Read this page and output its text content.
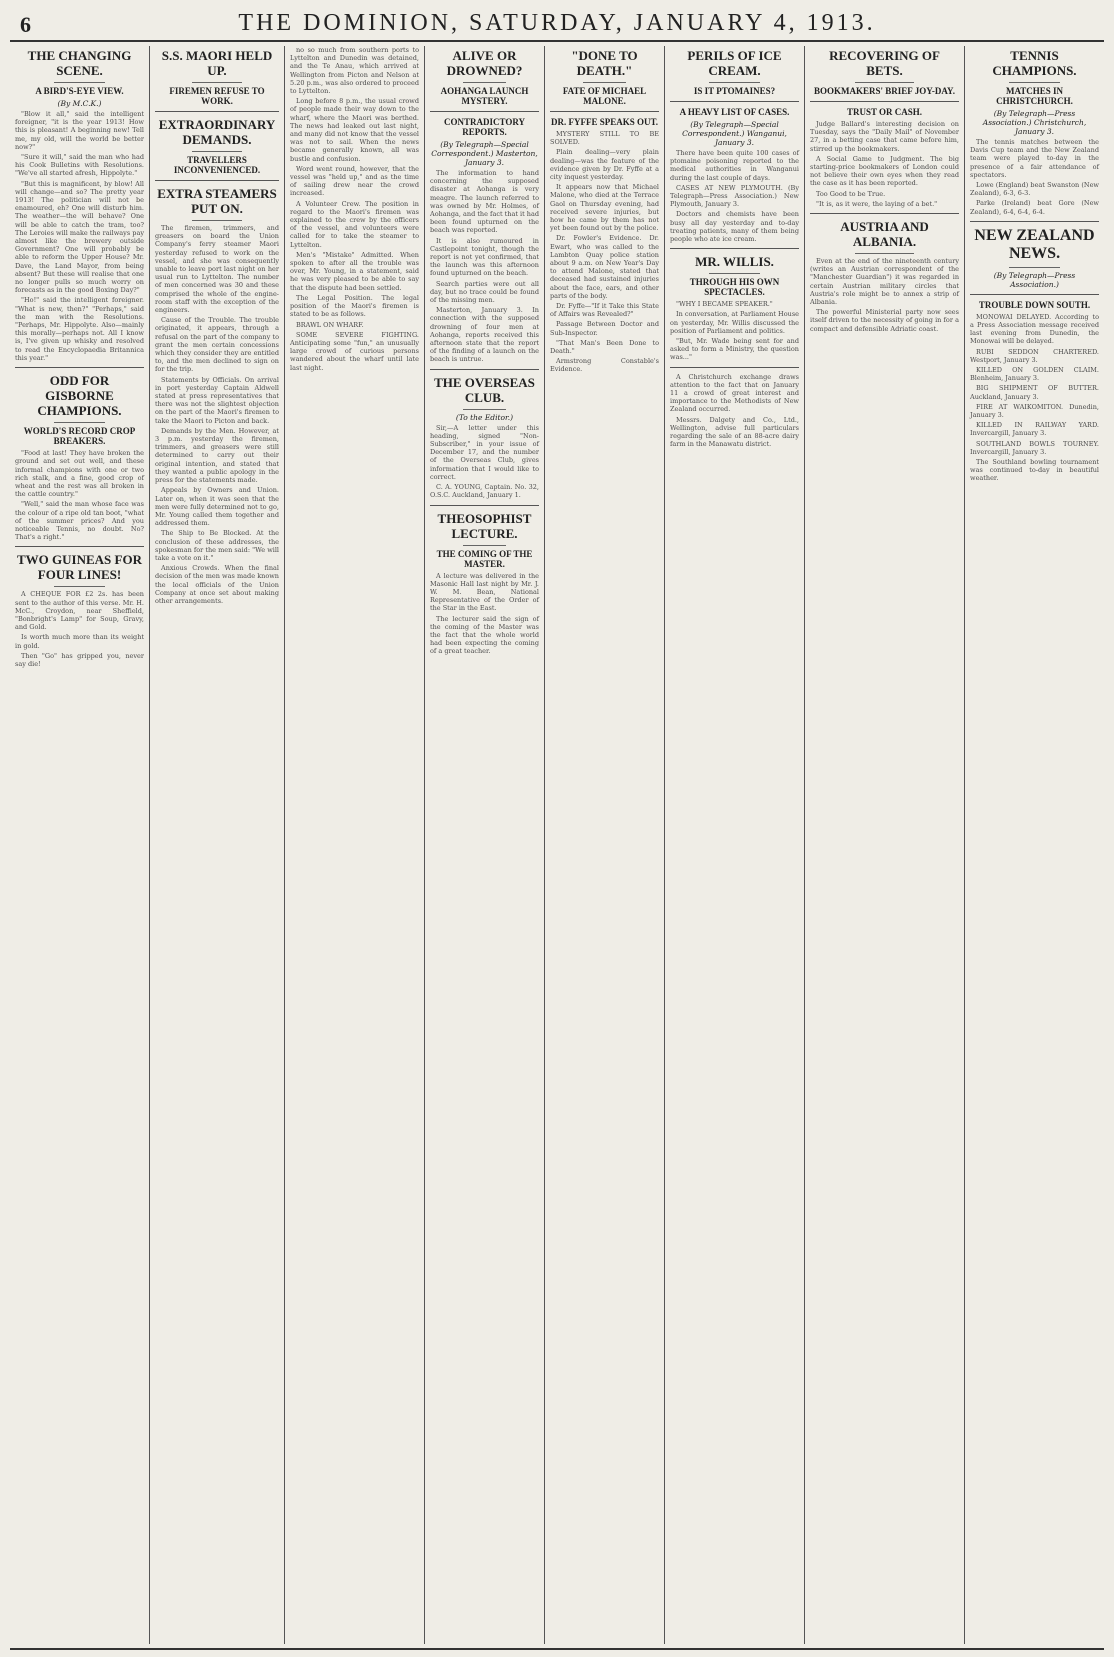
6	THE DOMINION, SATURDAY, JANUARY 4, 1913.
THE CHANGING SCENE.
A BIRD'S-EYE VIEW.
(By M.C.K.)

"Blow it all," said the intelligent foreigner, "it is the year 1913! How this is pleasant! A beginning new! Tell me, my old, will the world be better now?"

"Sure it will," said the man who had his Cook Bulletins with Resolutions. "We've all started afresh, Hippolyte."

"But this is magnificent, by blow! All will change—and so? The pretty year 1913! The politician will not be enamoured, eh? One will disturb him. The weather—the will behave? One will be able to catch the tram, too? The Leroies will make the railways pay almost like the brewery outside Government? One will probably be able to reform the Upper House? Mr. Dave, the Land Mayor, from being absent? But these will realise that one no longer pulls so much worry on forecasts as in the good Boxing Day?"

"Ho!" said the intelligent foreigner. "What is new, then?" "Perhaps," said the man with the Resolutions. "Perhaps, Mr. Hippolyte. Also—mainly this morally—perhaps not. All I know is, I've given up whisky and resolved to read the Encyclopaedia Britannica this year."

ODD FOR GISBORNE CHAMPIONS.
WORLD'S RECORD CROP BREAKERS.

"Food at last! They have broken the ground and set out well, and these informal champions with one or two rich stalk, and a fine, good crop of wheat and the rest was all broken in the cattle country."

"Well," said the man whose face was the colour of a ripe old tan boot, "what of the summer prices? And you noticeable Tennis, no doubt. No? That's a right."

TWO GUINEAS FOR FOUR LINES!

A CHEQUE FOR £2 2s. has been sent to the author of this verse. Mr. H. McC., Croydon, near Sheffield, "Bonbright's Lamp" for Soup, Gravy, and Gold.

Is worth much more than its weight in gold.

Then "Go" has gripped you, never say die!

S.S. MAORI HELD UP.
FIREMEN REFUSE TO WORK.
EXTRAORDINARY DEMANDS.
TRAVELLERS INCONVENIENCED.
EXTRA STEAMERS PUT ON.

The firemen, trimmers, and greasers on board the Union Company's ferry steamer Maori yesterday refused to work on the vessel, and she was consequently unable to leave port last night on her usual run to Lyttelton. The number of men concerned was 30 and these comprised the whole of the engine-room staff with the exception of the engineers.

Cause of the Trouble. The trouble originated, it appears, through a refusal on the part of the company to grant the men certain concessions which they consider they are entitled to, and the men declined to sign on for the trip.

Statements by Officials. On arrival in port yesterday Captain Aldwell stated at press representatives that there was not the slightest objection on the part of the Maori's firemen to take the Maori to Picton and back.

Demands by the Men. However, at 3 p.m. yesterday the firemen, trimmers, and greasers were still determined to carry out their original intention, and stated that they wanted a public apology in the press for the statements made.

Appeals by Owners and Union. Later on, when it was seen that the men were fully determined not to go, Mr. Young called them together and addressed them.

The Ship to Be Blocked. At the conclusion of these addresses, the spokesman for the men said: "We will take a vote on it."

Anxious Crowds. When the final decision of the men was made known the local officials of the Union Company at once set about making other arrangements.

no so much from southern ports to Lyttelton and Dunedin was detained, and the Te Anau, which arrived at Wellington from Picton and Nelson at 5.20 p.m., was also ordered to proceed to Lyttelton.

Long before 8 p.m., the usual crowd of people made their way down to the wharf, where the Maori was berthed. The news had leaked out last night, and many did not know that the vessel was not to sail. When the news became generally known, all was bustle and confusion.

Word went round, however, that the vessel was "held up," and as the time of sailing drew near the crowd increased.

A Volunteer Crew. The position in regard to the Maori's firemen was explained to the crew by the officers of the vessel, and volunteers were called for to take the steamer to Lyttelton.

Men's "Mistake" Admitted. When spoken to after all the trouble was over, Mr. Young, in a statement, said he was very pleased to be able to say that the dispute had been settled.

The Legal Position. The legal position of the Maori's firemen is stated to be as follows.

BRAWL ON WHARF.

SOME SEVERE FIGHTING. Anticipating some "fun," an unusually large crowd of curious persons wandered about the wharf until late last night.

ALIVE OR DROWNED?
AOHANGA LAUNCH MYSTERY.
CONTRADICTORY REPORTS.
(By Telegraph—Special Correspondent.) Masterton, January 3.

The information to hand concerning the supposed disaster at Aohanga is very meagre. The launch referred to was owned by Mr. Holmes, of Aohanga, and the fact that it had been found upturned on the beach was reported.

It is also rumoured in Castlepoint tonight, though the report is not yet confirmed, that the launch was this afternoon found upturned on the beach.

Search parties were out all day, but no trace could be found of the missing men.

Masterton, January 3. In connection with the supposed drowning of four men at Aohanga, reports received this afternoon state that the report of the finding of a launch on the beach is untrue.

THE OVERSEAS CLUB.
(To the Editor.)

Sir,—A letter under this heading, signed "Non-Subscriber," in your issue of December 17, and the number of the Overseas Club, gives information that I would like to correct.

C. A. YOUNG, Captain. No. 32, O.S.C. Auckland, January 1.

THEOSOPHIST LECTURE.
THE COMING OF THE MASTER.

A lecture was delivered in the Masonic Hall last night by Mr. J. W. M. Bean, National Representative of the Order of the Star in the East.

The lecturer said the sign of the coming of the Master was the fact that the whole world had been expecting the coming of a great teacher.

"DONE TO DEATH."
FATE OF MICHAEL MALONE.
DR. FYFFE SPEAKS OUT.

MYSTERY STILL TO BE SOLVED.

Plain dealing—very plain dealing—was the feature of the evidence given by Dr. Fyffe at a city inquest yesterday.

It appears now that Michael Malone, who died at the Terrace Gaol on Thursday evening, had received severe injuries, but how he came by them has not yet been found out by the police.

Dr. Fowler's Evidence. Dr. Ewart, who was called to the Lambton Quay police station about 9 a.m. on New Year's Day to attend Malone, stated that deceased had sustained injuries about the face, ears, and other parts of the body.

Dr. Fyffe—"If it Take this State of Affairs was Revealed?"

Passage Between Doctor and Sub-Inspector.

"That Man's Been Done to Death."

Armstrong Constable's Evidence.

PERILS OF ICE CREAM.
IS IT PTOMAINES?
A HEAVY LIST OF CASES.
(By Telegraph—Special Correspondent.) Wanganui, January 3.

There have been quite 100 cases of ptomaine poisoning reported to the medical authorities in Wanganui during the last couple of days.

CASES AT NEW PLYMOUTH. (By Telegraph—Press Association.) New Plymouth, January 3.

Doctors and chemists have been busy all day yesterday and to-day treating patients, many of them being people who ate ice cream.

MR. WILLIS.
THROUGH HIS OWN SPECTACLES.

"WHY I BECAME SPEAKER."

In conversation, at Parliament House on yesterday, Mr. Willis discussed the position of Parliament and politics.

"But, Mr. Wade being sent for and asked to form a Ministry, the question was..."

A Christchurch exchange draws attention to the fact that on January 11 a crowd of great interest and importance to the Methodists of New Zealand occurred.

Messrs. Dalgety and Co., Ltd., Wellington, advise full particulars regarding the sale of an 88-acre dairy farm in the Manawatu district.

RECOVERING OF BETS.
BOOKMAKERS' BRIEF JOY-DAY.
TRUST OR CASH.

Judge Ballard's interesting decision on Tuesday, says the "Daily Mail" of November 27, in a betting case that came before him, stirred up the bookmakers.

A Social Game to Judgment. The big starting-price bookmakers of London could not believe their own eyes when they read the case as it has been reported.

Too Good to be True.

"It is, as it were, the laying of a bet."

AUSTRIA AND ALBANIA.

Even at the end of the nineteenth century (writes an Austrian correspondent of the "Manchester Guardian") it was regarded in certain Austrian military circles that Austria's role might be to annex a strip of Albania.

The powerful Ministerial party now sees itself driven to the necessity of going in for a compact and defensible Adriatic coast.

TENNIS CHAMPIONS.
MATCHES IN CHRISTCHURCH.
(By Telegraph—Press Association.) Christchurch, January 3.

The tennis matches between the Davis Cup team and the New Zealand team were played to-day in the presence of a fair attendance of spectators.

Lowe (England) beat Swanston (New Zealand), 6-3, 6-3.

Parke (Ireland) beat Gore (New Zealand), 6-4, 6-4, 6-4.

NEW ZEALAND NEWS.
(By Telegraph—Press Association.)
TROUBLE DOWN SOUTH.

MONOWAI DELAYED. According to a Press Association message received last evening from Dunedin, the Monowai will be delayed.

RUBI SEDDON CHARTERED. Westport, January 3.

KILLED ON GOLDEN CLAIM. Blenheim, January 3.

BIG SHIPMENT OF BUTTER. Auckland, January 3.

FIRE AT WAIKOMITON. Dunedin, January 3.

KILLED IN RAILWAY YARD. Invercargill, January 3.

SOUTHLAND BOWLS TOURNEY. Invercargill, January 3.

The Southland bowling tournament was continued to-day in beautiful weather.
